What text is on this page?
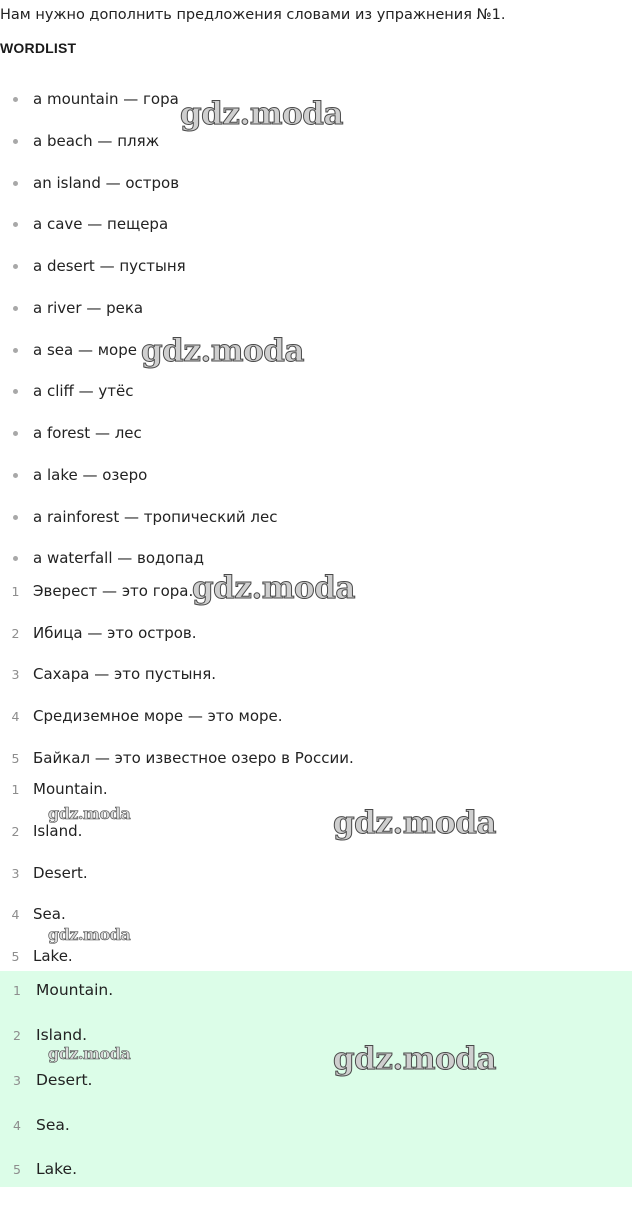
Нам нужно дополнить предложения словами из упражнения №1.
WORDLIST
a mountain — гора
a beach — пляж
an island — остров
a cave — пещера
a desert — пустыня
a river — река
a sea — море
a cliff — утёс
a forest — лес
a lake — озеро
a rainforest — тропический лес
a waterfall — водопад
1 Эверест — это гора.
2 Ибица — это остров.
3 Сахара — это пустыня.
4 Средиземное море — это море.
5 Байкал — это известное озеро в России.
1 Mountain.
2 Island.
3 Desert.
4 Sea.
5 Lake.
1 Mountain.
2 Island.
3 Desert.
4 Sea.
5 Lake.
gdz.moda
gdz.moda
gdz.moda
gdz.moda
gdz.moda
gdz.moda
gdz.moda
gdz.moda
